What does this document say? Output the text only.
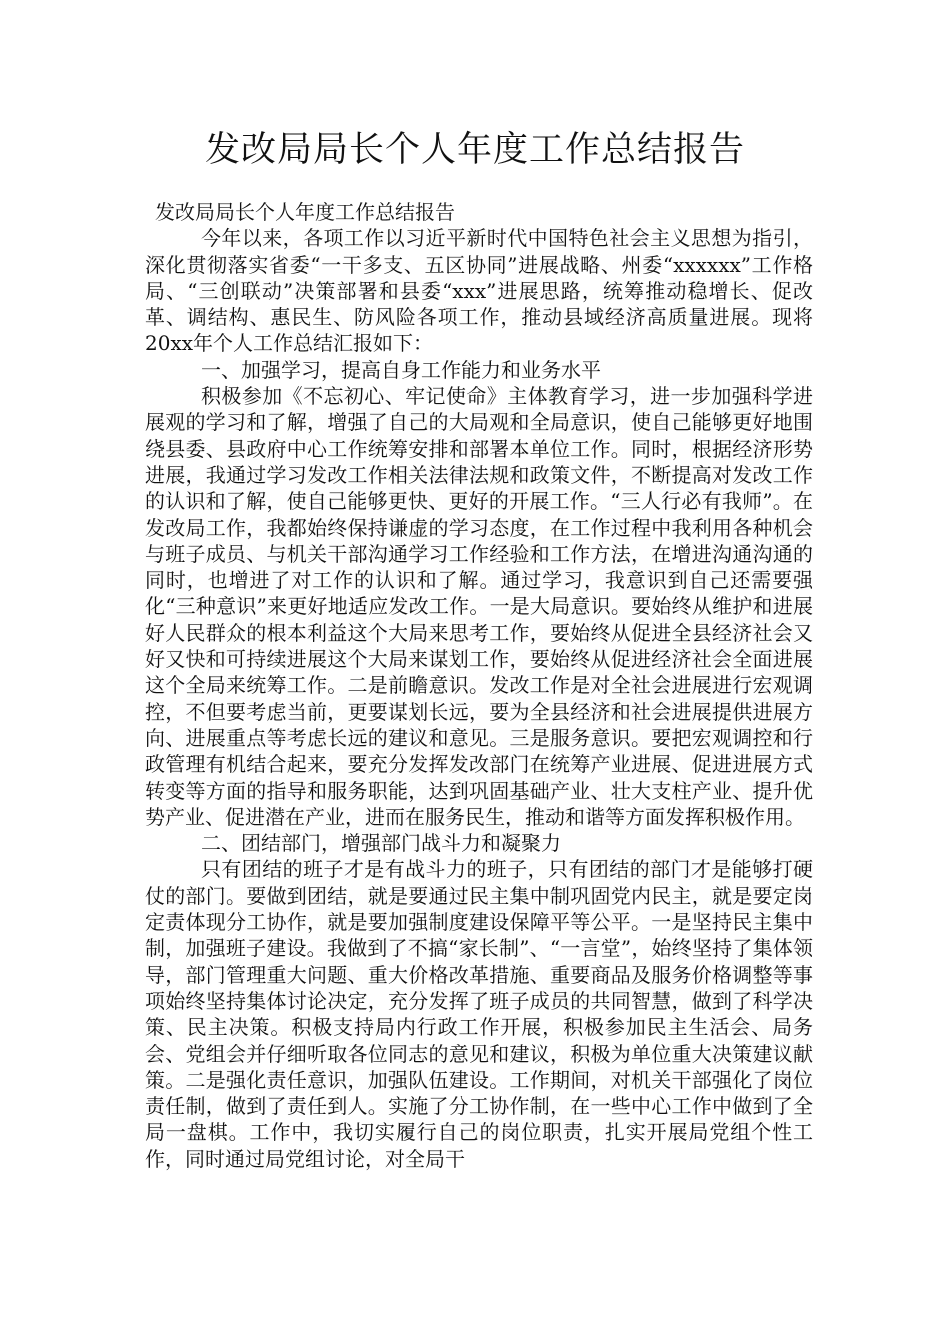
发改局局长个人年度工作总结报告

发改局局长个人年度工作总结报告

今年以来，各项工作以习近平新时代中国特色社会主义思想为指引，深化贯彻落实省委“一干多支、五区协同”进展战略、州委“xxxxxx”工作格局、“三创联动”决策部署和县委“xxx”进展思路，统筹推动稳增长、促改革、调结构、惠民生、防风险各项工作，推动县域经济高质量进展。现将20xx年个人工作总结汇报如下：

一、加强学习，提高自身工作能力和业务水平

积极参加《不忘初心、牢记使命》主体教育学习，进一步加强科学进展观的学习和了解，增强了自己的大局观和全局意识，使自己能够更好地围绕县委、县政府中心工作统筹安排和部署本单位工作。同时，根据经济形势进展，我通过学习发改工作相关法律法规和政策文件，不断提高对发改工作的认识和了解，使自己能够更快、更好的开展工作。“三人行必有我师”。在发改局工作，我都始终保持谦虚的学习态度，在工作过程中我利用各种机会与班子成员、与机关干部沟通学习工作经验和工作方法，在增进沟通沟通的同时，也增进了对工作的认识和了解。通过学习，我意识到自己还需要强化“三种意识”来更好地适应发改工作。一是大局意识。要始终从维护和进展好人民群众的根本利益这个大局来思考工作，要始终从促进全县经济社会又好又快和可持续进展这个大局来谋划工作，要始终从促进经济社会全面进展这个全局来统筹工作。二是前瞻意识。发改工作是对全社会进展进行宏观调控，不但要考虑当前，更要谋划长远，要为全县经济和社会进展提供进展方向、进展重点等考虑长远的建议和意见。三是服务意识。要把宏观调控和行政管理有机结合起来，要充分发挥发改部门在统筹产业进展、促进进展方式转变等方面的指导和服务职能，达到巩固基础产业、壮大支柱产业、提升优势产业、促进潜在产业，进而在服务民生，推动和谐等方面发挥积极作用。

二、团结部门，增强部门战斗力和凝聚力

只有团结的班子才是有战斗力的班子，只有团结的部门才是能够打硬仗的部门。要做到团结，就是要通过民主集中制巩固党内民主，就是要定岗定责体现分工协作，就是要加强制度建设保障平等公平。一是坚持民主集中制，加强班子建设。我做到了不搞“家长制”、“一言堂”，始终坚持了集体领导，部门管理重大问题、重大价格改革措施、重要商品及服务价格调整等事项始终坚持集体讨论决定，充分发挥了班子成员的共同智慧，做到了科学决策、民主决策。积极支持局内行政工作开展，积极参加民主生活会、局务会、党组会并仔细听取各位同志的意见和建议，积极为单位重大决策建议献策。二是强化责任意识，加强队伍建设。工作期间，对机关干部强化了岗位责任制，做到了责任到人。实施了分工协作制，在一些中心工作中做到了全局一盘棋。工作中，我切实履行自己的岗位职责，扎实开展局党组个性工作，同时通过局党组讨论，对全局干
